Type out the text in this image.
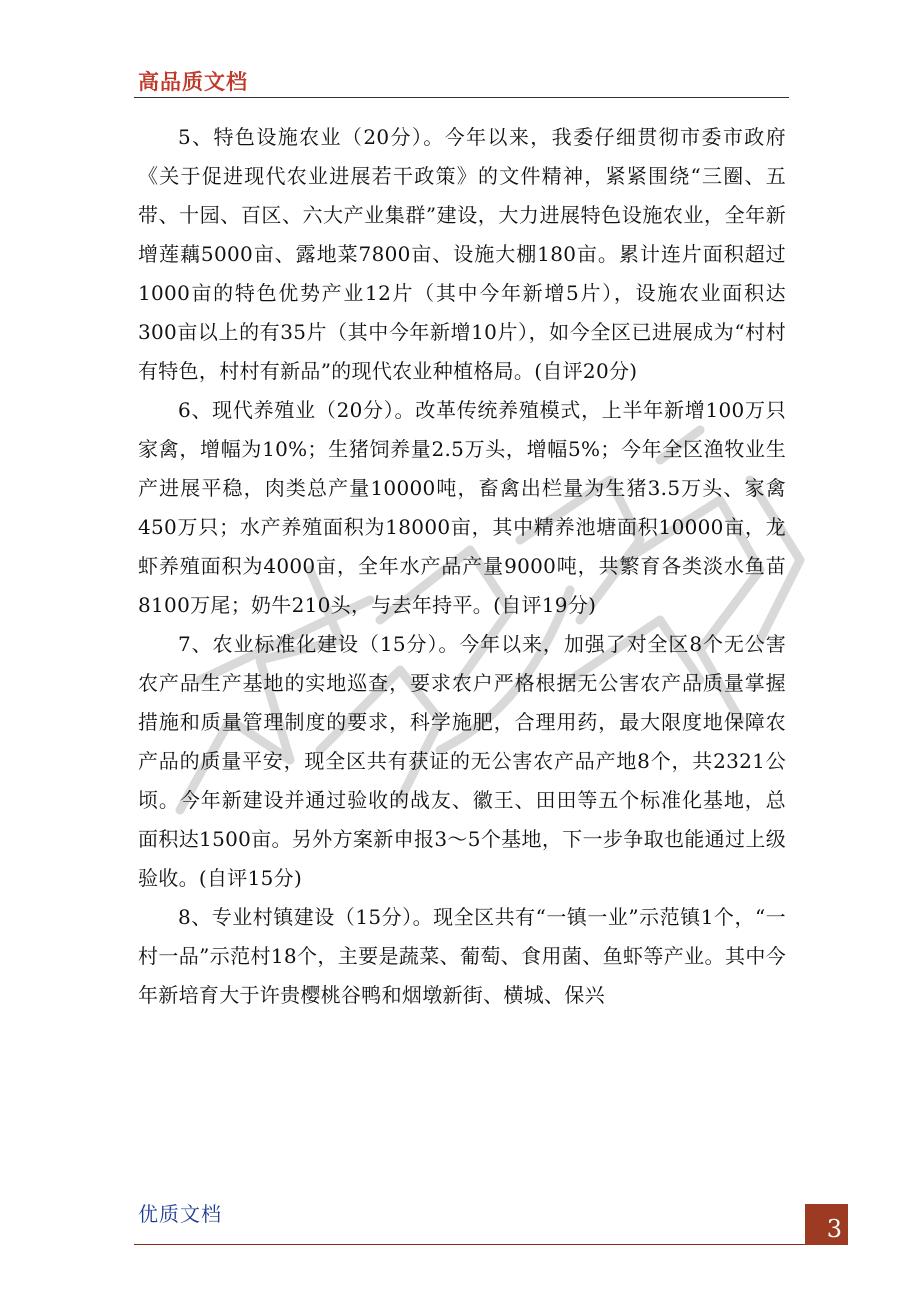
高品质文档

5、特色设施农业（20分）。今年以来，我委仔细贯彻市委市政府《关于促进现代农业进展若干政策》的文件精神，紧紧围绕“三圈、五带、十园、百区、六大产业集群”建设，大力进展特色设施农业，全年新增莲藕5000亩、露地菜7800亩、设施大棚180亩。累计连片面积超过1000亩的特色优势产业12片（其中今年新增5片），设施农业面积达300亩以上的有35片（其中今年新增10片），如今全区已进展成为“村村有特色，村村有新品”的现代农业种植格局。(自评20分)

6、现代养殖业（20分）。改革传统养殖模式，上半年新增100万只家禽，增幅为10%；生猪饲养量2.5万头，增幅5%；今年全区渔牧业生产进展平稳，肉类总产量10000吨，畜禽出栏量为生猪3.5万头、家禽450万只；水产养殖面积为18000亩，其中精养池塘面积10000亩，龙虾养殖面积为4000亩，全年水产品产量9000吨，共繁育各类淡水鱼苗8100万尾；奶牛210头，与去年持平。(自评19分)

7、农业标准化建设（15分）。今年以来，加强了对全区8个无公害农产品生产基地的实地巡查，要求农户严格根据无公害农产品质量掌握措施和质量管理制度的要求，科学施肥，合理用药，最大限度地保障农产品的质量平安，现全区共有获证的无公害农产品产地8个，共2321公顷。今年新建设并通过验收的战友、徽王、田田等五个标准化基地，总面积达1500亩。另外方案新申报3～5个基地，下一步争取也能通过上级验收。(自评15分)

8、专业村镇建设（15分）。现全区共有“一镇一业”示范镇1个，“一村一品”示范村18个，主要是蔬菜、葡萄、食用菌、鱼虾等产业。其中今年新培育大于许贵樱桃谷鸭和烟墩新街、横城、保兴

优质文档
3
